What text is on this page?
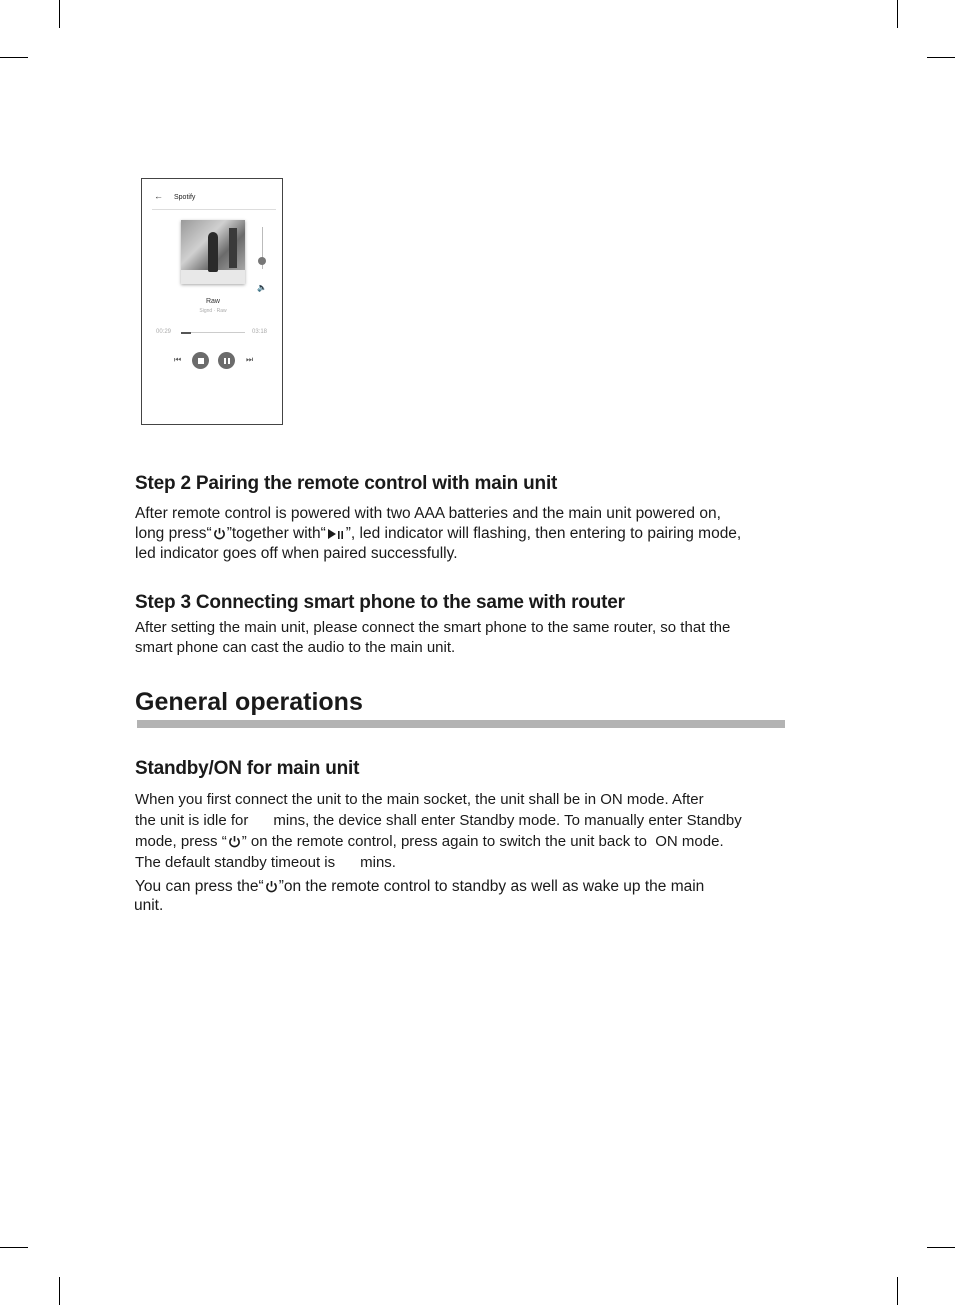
← Spotify
🔈
Raw
Signd · Raw
00:29	03:18
⏮	⏭
Step 2 Pairing the remote control with main unit
After remote control is powered with two AAA batteries and the main unit powered on,
long press“ ”together with“ ”, led indicator will flashing, then entering to pairing mode,
led indicator goes off when paired successfully.
Step 3 Connecting smart phone to the same with router
After setting the main unit, please connect the smart phone to the same router, so that the
smart phone can cast the audio to the main unit.
General operations
Standby/ON for main unit
When you first connect the unit to the main socket, the unit shall be in ON mode. After
the unit is idle for      mins, the device shall enter Standby mode. To manually enter Standby
mode, press “ ” on the remote control, press again to switch the unit back to  ON mode.
The default standby timeout is      mins.
You can press the“ ”on the remote control to standby as well as wake up the main
unit.
